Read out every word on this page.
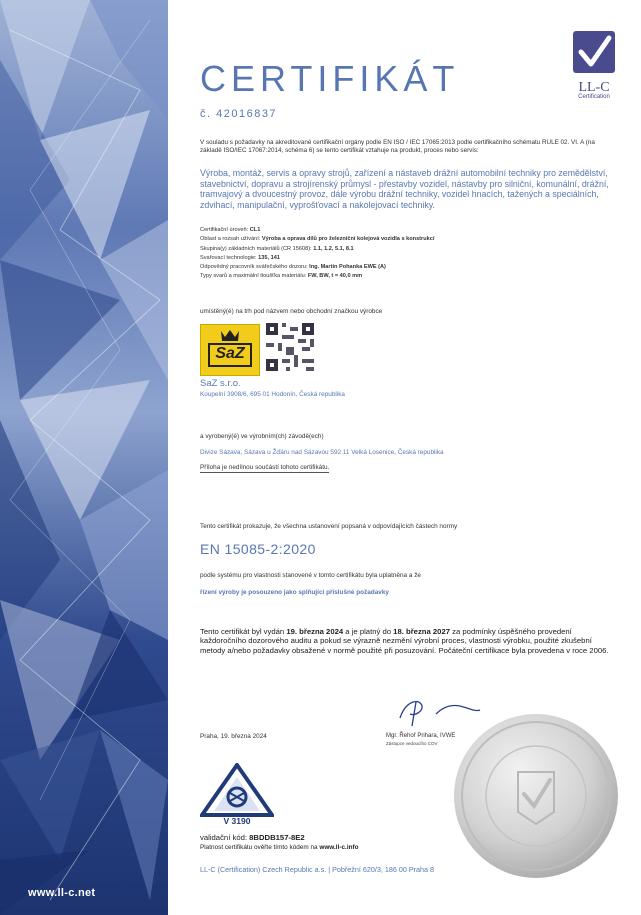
www.ll-c.net
LL-C
Certification
CERTIFIKÁT
č. 42016837
V souladu s požadavky na akreditované certifikační orgány podle EN ISO / IEC 17065:2013 podle certifikačního schématu RULE 02. VI. A (na základě ISO/IEC 17067:2014, schéma 6) se tento certifikát vztahuje na produkt, proces nebo servis:
Výroba, montáž, servis a opravy strojů, zařízení a nástaveb drážní automobilní techniky pro zemědělství, stavebnictví, dopravu a strojírenský průmysl - přestavby vozidel, nástavby pro silniční, komunální, drážní, tramvajový a dvoucestný provoz, dále výrobu drážní techniky, vozidel hnacích, tažených a speciálních, zdvihací, manipulační, vyprošťovací a nakolejovací techniky.
Certifikační úroveň: CL1
Oblast a rozsah užívání: Výroba a oprava dílů pro železniční kolejová vozidla s konstrukcí
Skupina(y) základních materiálů (CR 15608): 1.1, 1.2, 5.1, 8.1
Svařovací technologie: 135, 141
Odpovědný pracovník svářečského dozoru: Ing. Martin Pohanka EWE (A)
Typy svarů a maximální tloušťka materiálu: FW, BW, t = 40,0 mm
umístěný(é) na trh pod názvem nebo obchodní značkou výrobce
SaZ
SaZ s.r.o.
Koupelní 3908/6, 695 01 Hodonín, Česká republika
a vyrobený(é) ve výrobním(ch) závodě(ech)
Divize Sázava, Sázava u Žďáru nad Sázavou 592 11 Velká Losenice, Česká republika
Příloha je nedílnou součástí tohoto certifikátu.
Tento certifikát prokazuje, že všechna ustanovení popsaná v odpovídajících částech normy
EN 15085-2:2020
podle systému pro vlastnosti stanovené v tomto certifikátu byla uplatněna a že
řízení výroby je posouzeno jako splňující příslušné požadavky
Tento certifikát byl vydán 19. března 2024 a je platný do 18. března 2027 za podmínky úspěšného provedení každoročního dozorového auditu a pokud se výrazně nezmění výrobní proces, vlastnosti výrobku, použité zkušební metody a/nebo požadavky obsažené v normě použité při posuzování. Počáteční certifikace byla provedena v roce 2006.
Praha, 19. března 2024	Mgr. Řehoř Prihara, IVWE
Zástupce vedoucího COV
V 3190
validační kód: 8BDDB157-8E2
Platnost certifikátu ověřte tímto kódem na www.ll-c.info
LL-C (Certification) Czech Republic a.s. | Pobřežní 620/3, 186 00 Praha 8
